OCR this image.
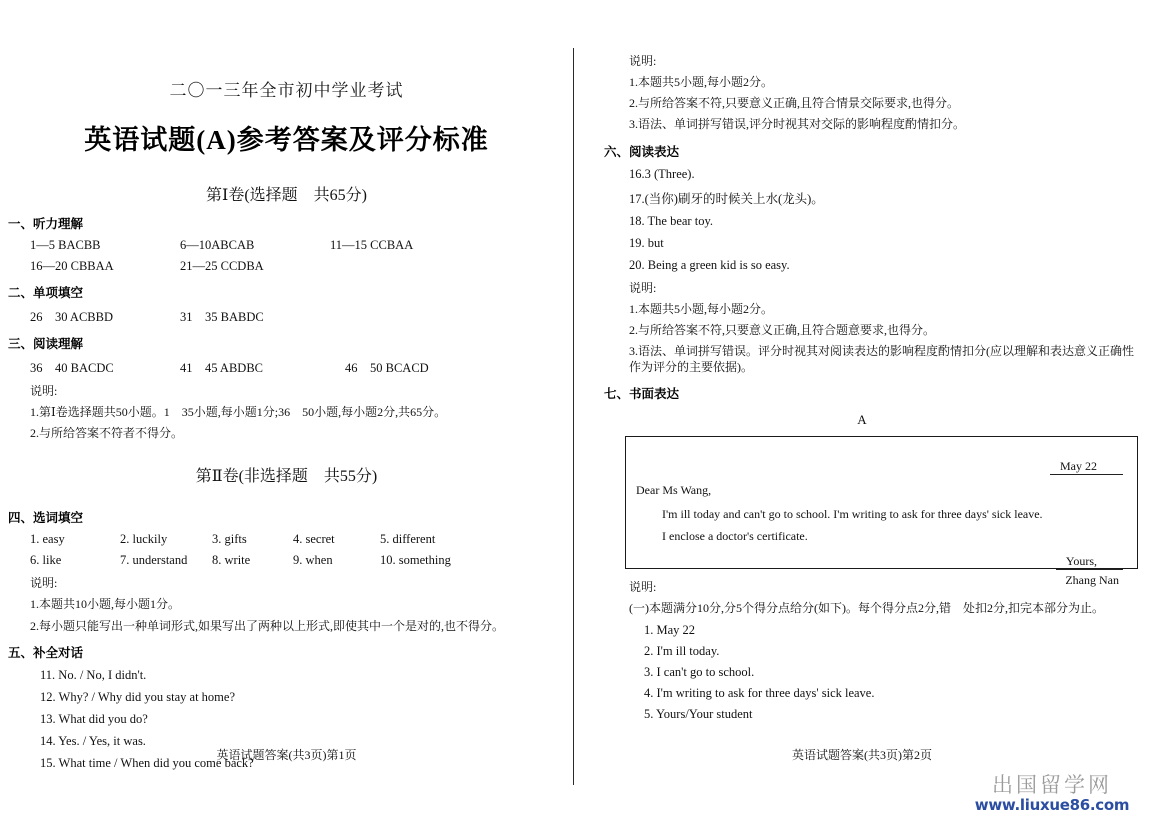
二〇一三年全市初中学业考试
英语试题(A)参考答案及评分标准
第Ⅰ卷(选择题　共65分)
一、听力理解
1—5 BACBB	6—10ABCAB	11—15 CCBAA
16—20 CBBAA	21—25 CCDBA
二、单项填空
26　30 ACBBD	31　35 BABDC
三、阅读理解
36　40 BACDC	41　45 ABDBC	46　50 BCACD
说明:
1.第Ⅰ卷选择题共50小题。1　35小题,每小题1分;36　50小题,每小题2分,共65分。
2.与所给答案不符者不得分。
第Ⅱ卷(非选择题　共55分)
四、选词填空
1. easy	2. luckily	3. gifts	4. secret	5. different
6. like	7. understand	8. write	9. when	10. something
说明:
1.本题共10小题,每小题1分。
2.每小题只能写出一种单词形式,如果写出了两种以上形式,即使其中一个是对的,也不得分。
五、补全对话
11. No. / No, I didn't.
12. Why? / Why did you stay at home?
13. What did you do?
14. Yes. / Yes, it was.
15. What time / When did you come back?
英语试题答案(共3页)第1页
说明:
1.本题共5小题,每小题2分。
2.与所给答案不符,只要意义正确,且符合情景交际要求,也得分。
3.语法、单词拼写错误,评分时视其对交际的影响程度酌情扣分。
六、阅读表达
16.3 (Three).
17.(当你)刷牙的时候关上水(龙头)。
18. The bear toy.
19. but
20. Being a green kid is so easy.
说明:
1.本题共5小题,每小题2分。
2.与所给答案不符,只要意义正确,且符合题意要求,也得分。
3.语法、单词拼写错误。评分时视其对阅读表达的影响程度酌情扣分(应以理解和表达意义正确性作为评分的主要依据)。
七、书面表达
A
May 22
Dear Ms Wang,
I'm ill today and can't go to school. I'm writing to ask for three days' sick leave.
I enclose a doctor's certificate.
Yours,
Zhang Nan
说明:
(一)本题满分10分,分5个得分点给分(如下)。每个得分点2分,错　处扣2分,扣完本部分为止。
1. May 22
2. I'm ill today.
3. I can't go to school.
4. I'm writing to ask for three days' sick leave.
5. Yours/Your student
英语试题答案(共3页)第2页
出国留学网
www.liuxue86.com
